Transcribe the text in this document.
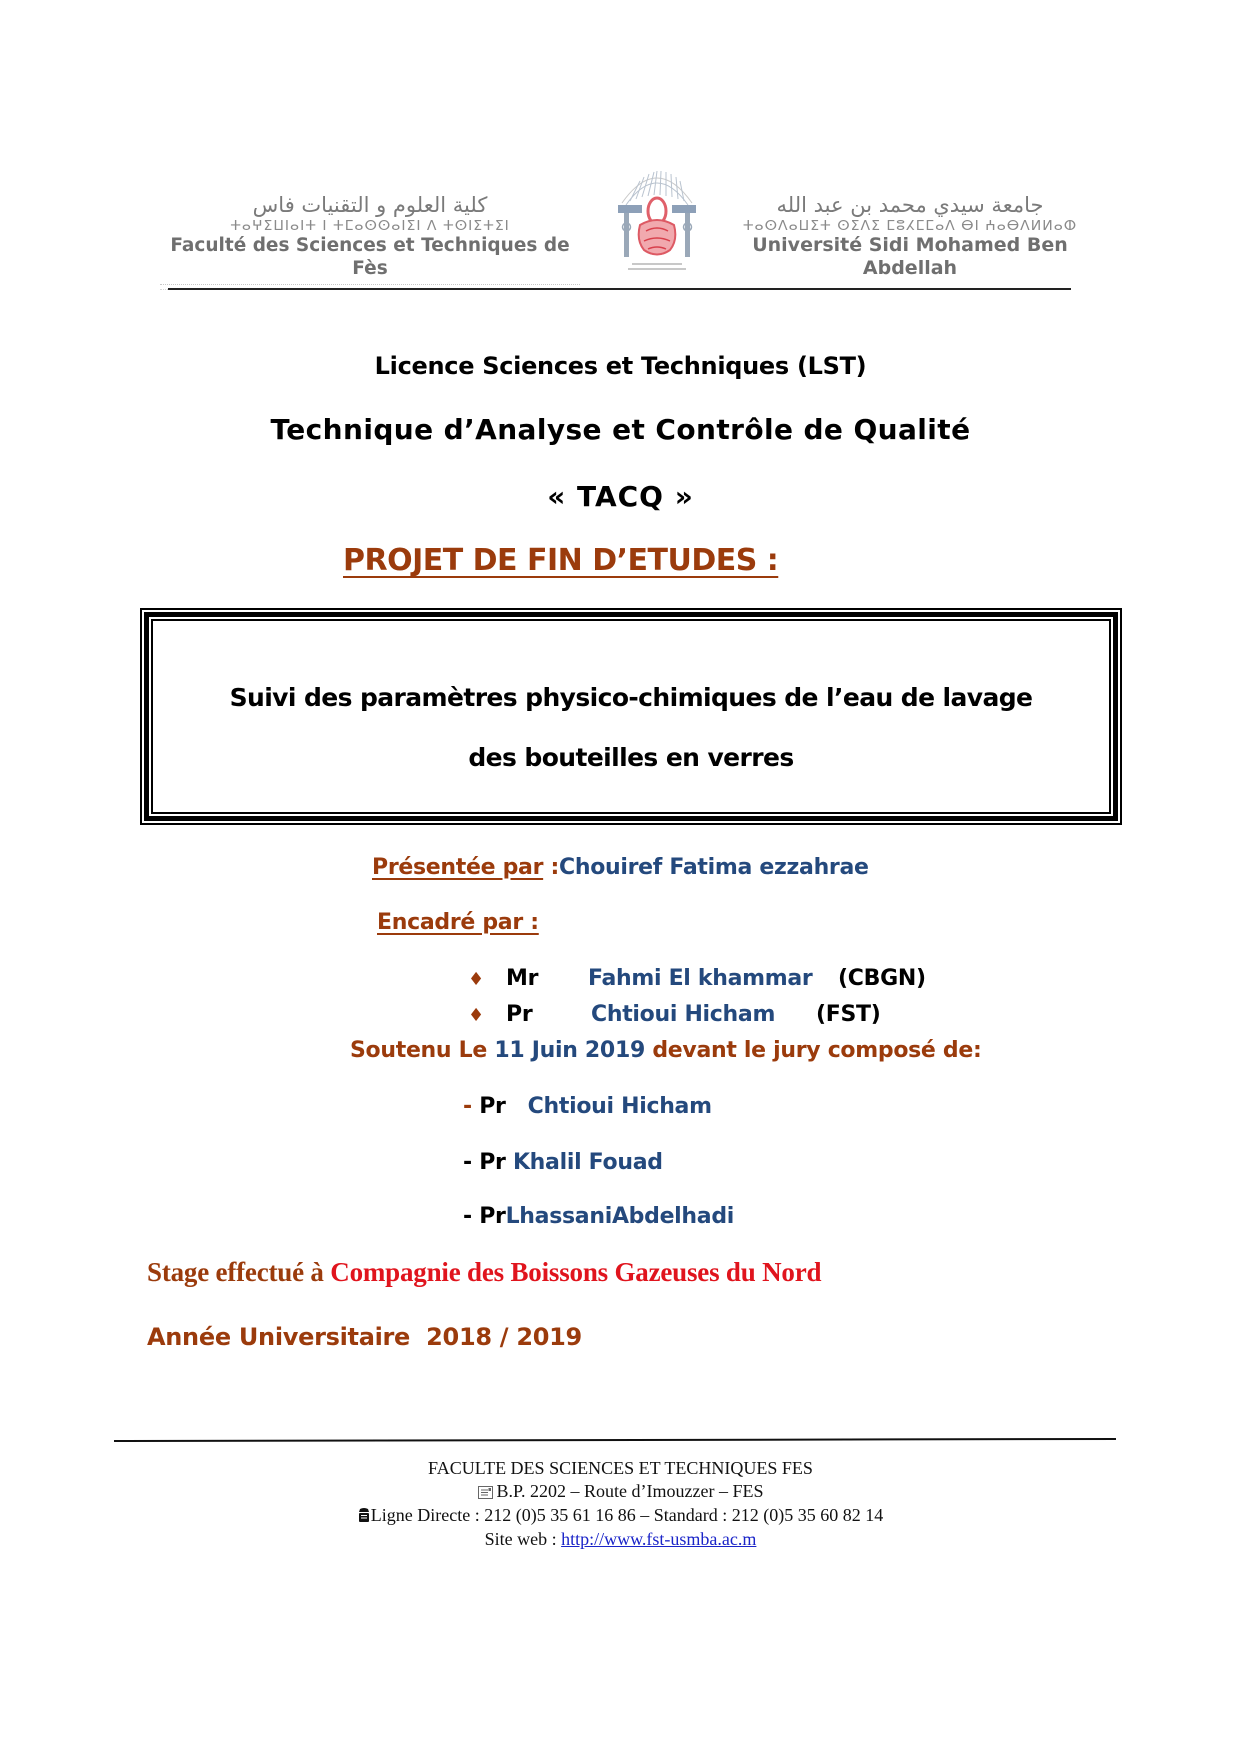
كلية العلوم و التقنيات فاس
ⵜⴰⵖⵉⵡⵏⴰⵏⵜ ⵏ ⵜⵎⴰⵙⵙⴰⵏⵉⵏ ⴷ ⵜⵙⵏⵉⵜⵉⵏ
Faculté des Sciences et Techniques de Fès
جامعة سيدي محمد بن عبد الله
ⵜⴰⵙⴷⴰⵡⵉⵜ ⵙⵉⴷⵉ ⵎⵓⵃⵎⵎⴰⴷ ⴱⵏ ⵄⴰⴱⴷⵍⵍⴰⵀ
Université Sidi Mohamed Ben Abdellah
Licence Sciences et Techniques (LST)
Technique d’Analyse et Contrôle de Qualité
« TACQ »
PROJET DE FIN D’ETUDES :
Suivi des paramètres physico-chimiques de l’eau de lavage
des bouteilles en verres
Présentée par :Chouiref Fatima ezzahrae
Encadré par :
♦ Mr Fahmi El khammar (CBGN)
♦ Pr	Chtioui Hicham (FST)
Soutenu Le 11 Juin 2019 devant le jury composé de:
- Pr   Chtioui Hicham
- Pr Khalil Fouad
- PrLhassaniAbdelhadi
Stage effectué à Compagnie des Boissons Gazeuses du Nord
Année Universitaire  2018 / 2019
FACULTE DES SCIENCES ET TECHNIQUES FES
B.P. 2202 – Route d’Imouzzer – FES
Ligne Directe : 212 (0)5 35 61 16 86 – Standard : 212 (0)5 35 60 82 14
Site web : http://www.fst-usmba.ac.m
